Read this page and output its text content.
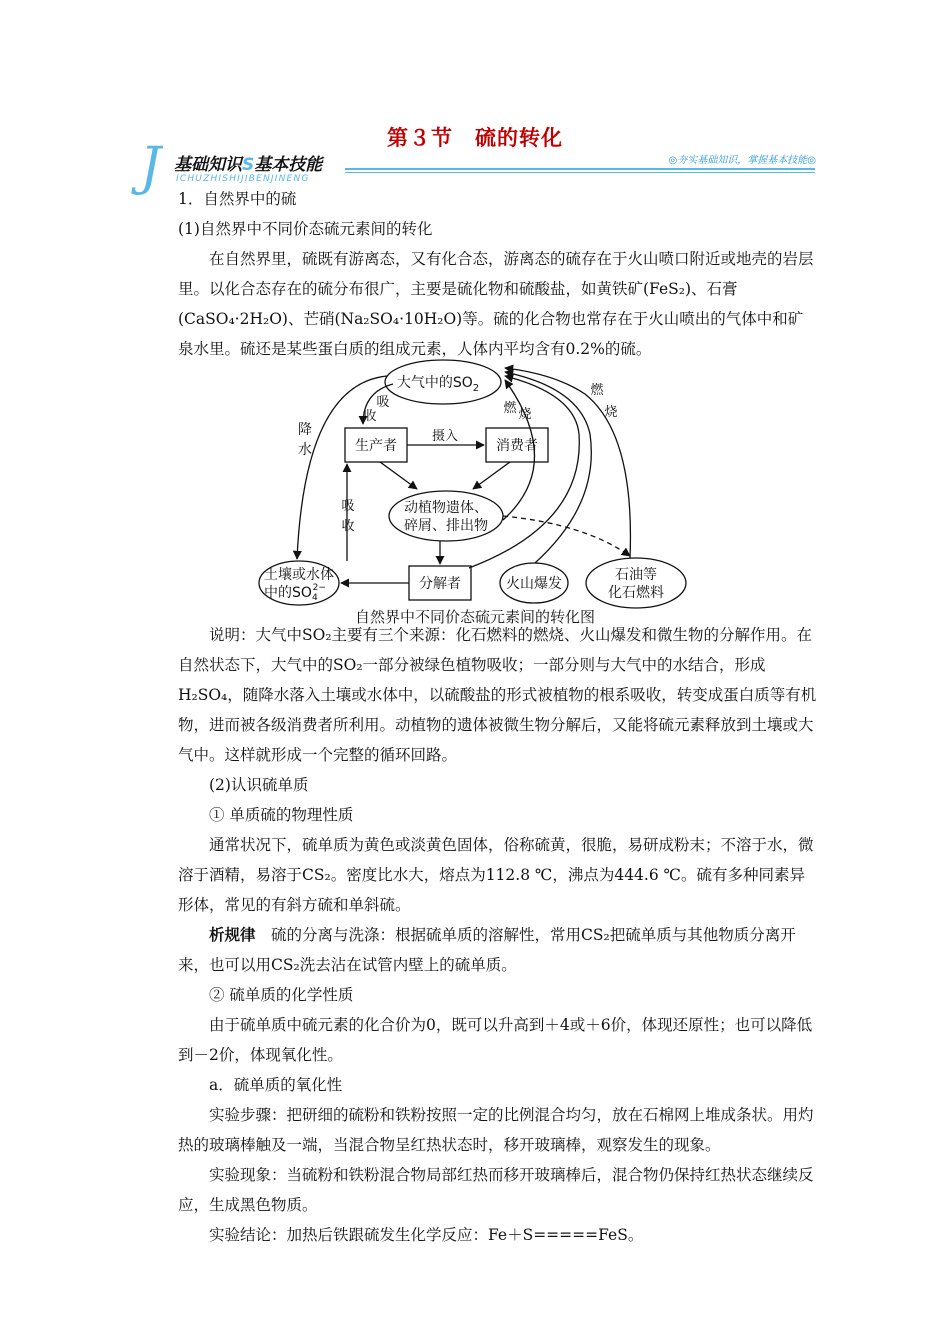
第３节　硫的转化
J 基础知识S基本技能
ICHUZHISHIJIBENJINENG
◎夯实基础知识，掌握基本技能◎

1．自然界中的硫

(1)自然界中不同价态硫元素间的转化

在自然界里，硫既有游离态，又有化合态，游离态的硫存在于火山喷口附近或地壳的岩层里。以化合态存在的硫分布很广，主要是硫化物和硫酸盐，如黄铁矿(FeS₂)、石膏(CaSO₄·2H₂O)、芒硝(Na₂SO₄·10H₂O)等。硫的化合物也常存在于火山喷出的气体中和矿泉水里。硫还是某些蛋白质的组成元素，人体内平均含有0.2%的硫。

大气中的$SO_2$
生产者	消费者
动植物遗体、
碎屑、排出物
分解者
土壤或水体
中的$SO_42-$	火山爆发
石油等
化石燃料
降
水
吸
收
吸
收
摄入
燃 烧
燃
烧
自然界中不同价态硫元素间的转化图

说明：大气中SO₂主要有三个来源：化石燃料的燃烧、火山爆发和微生物的分解作用。在自然状态下，大气中的SO₂一部分被绿色植物吸收；一部分则与大气中的水结合，形成H₂SO₄，随降水落入土壤或水体中，以硫酸盐的形式被植物的根系吸收，转变成蛋白质等有机物，进而被各级消费者所利用。动植物的遗体被微生物分解后，又能将硫元素释放到土壤或大气中。这样就形成一个完整的循环回路。

(2)认识硫单质

① 单质硫的物理性质

通常状况下，硫单质为黄色或淡黄色固体，俗称硫黄，很脆，易研成粉末；不溶于水，微溶于酒精，易溶于CS₂。密度比水大，熔点为112.8 ℃，沸点为444.6 ℃。硫有多种同素异形体，常见的有斜方硫和单斜硫。

析规律　硫的分离与洗涤：根据硫单质的溶解性，常用CS₂把硫单质与其他物质分离开来，也可以用CS₂洗去沾在试管内壁上的硫单质。

② 硫单质的化学性质

由于硫单质中硫元素的化合价为0，既可以升高到＋4或＋6价，体现还原性；也可以降低到－2价，体现氧化性。

a．硫单质的氧化性

实验步骤：把研细的硫粉和铁粉按照一定的比例混合均匀，放在石棉网上堆成条状。用灼热的玻璃棒触及一端，当混合物呈红热状态时，移开玻璃棒，观察发生的现象。

实验现象：当硫粉和铁粉混合物局部红热而移开玻璃棒后，混合物仍保持红热状态继续反应，生成黑色物质。

实验结论：加热后铁跟硫发生化学反应：Fe＋S=====FeS。
